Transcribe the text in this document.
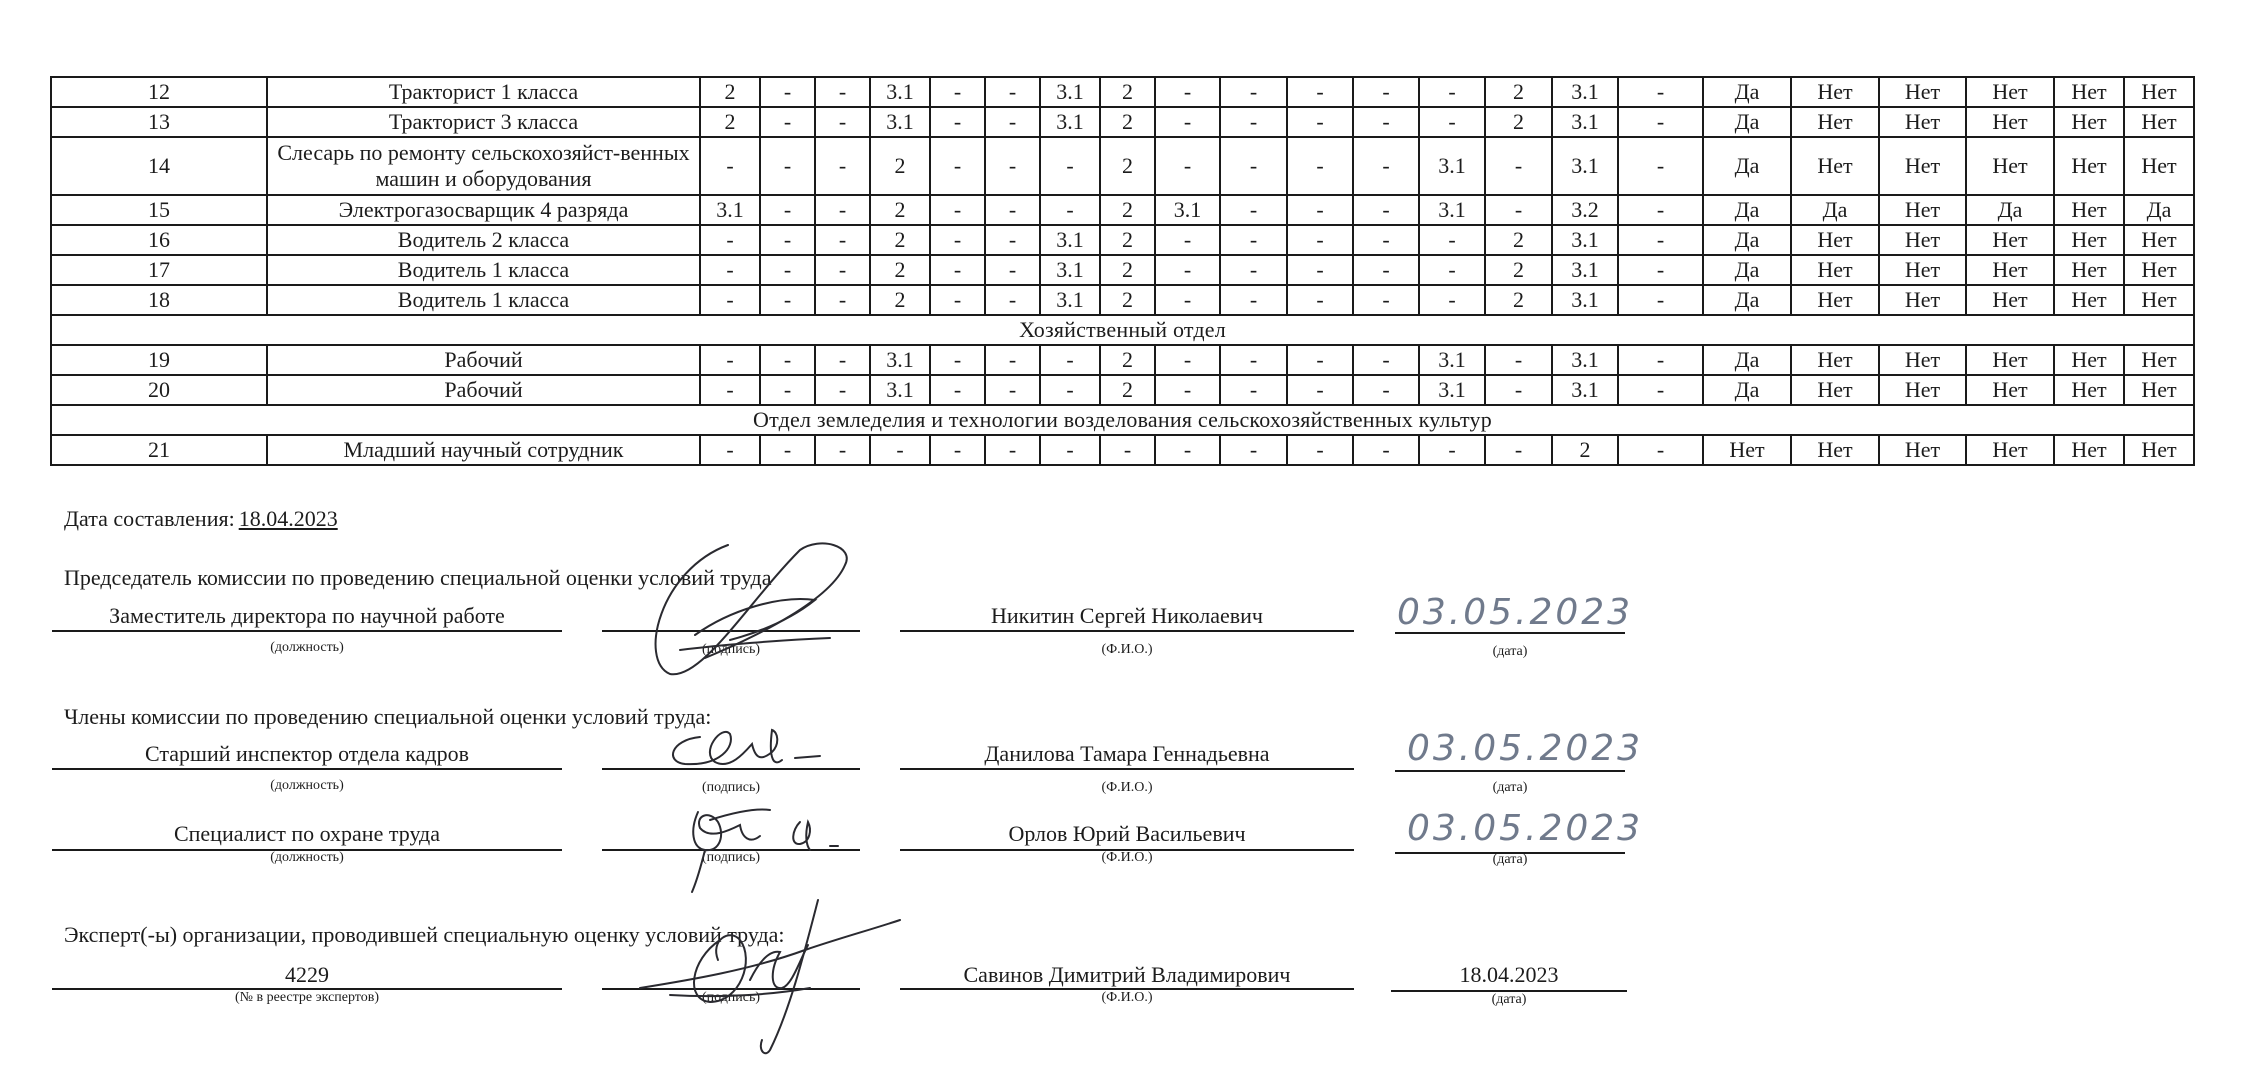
12	Тракторист 1 класса	2	-	-	3.1	-	-	3.1	2	-	-	-	-	-	2	3.1	-	Да	Нет	Нет	Нет	Нет	Нет
13	Тракторист 3 класса	2	-	-	3.1	-	-	3.1	2	-	-	-	-	-	2	3.1	-	Да	Нет	Нет	Нет	Нет	Нет
14	Слесарь по ремонту сельскохозяйст-венных машин и оборудования	-	-	-	2	-	-	-	2	-	-	-	-	3.1	-	3.1	-	Да	Нет	Нет	Нет	Нет	Нет
15	Электрогазосварщик 4 разряда	3.1	-	-	2	-	-	-	2	3.1	-	-	-	3.1	-	3.2	-	Да	Да	Нет	Да	Нет	Да
16	Водитель 2 класса	-	-	-	2	-	-	3.1	2	-	-	-	-	-	2	3.1	-	Да	Нет	Нет	Нет	Нет	Нет
17	Водитель 1 класса	-	-	-	2	-	-	3.1	2	-	-	-	-	-	2	3.1	-	Да	Нет	Нет	Нет	Нет	Нет
18	Водитель 1 класса	-	-	-	2	-	-	3.1	2	-	-	-	-	-	2	3.1	-	Да	Нет	Нет	Нет	Нет	Нет
Хозяйственный отдел																							
19	Рабочий	-	-	-	3.1	-	-	-	2	-	-	-	-	3.1	-	3.1	-	Да	Нет	Нет	Нет	Нет	Нет
20	Рабочий	-	-	-	3.1	-	-	-	2	-	-	-	-	3.1	-	3.1	-	Да	Нет	Нет	Нет	Нет	Нет
Отдел земледелия и технологии возделования сельскохозяйственных культур																							
21	Младший научный сотрудник	-	-	-	-	-	-	-	-	-	-	-	-	-	-	2	-	Нет	Нет	Нет	Нет	Нет	Нет
Дата составления: 18.04.2023
Председатель комиссии по проведению специальной оценки условий труда
Заместитель директора по научной работе
(должность)	(подпись)
Никитин Сергей Николаевич
(Ф.И.О.)
03.05.2023
(дата)
Члены комиссии по проведению специальной оценки условий труда:
Старший инспектор отдела кадров
(должность)	(подпись)
Данилова Тамара Геннадьевна
(Ф.И.О.)
03.05.2023
(дата)
Специалист по охране труда
(должность)	(подпись)
Орлов Юрий Васильевич
(Ф.И.О.)
03.05.2023
(дата)
Эксперт(-ы) организации, проводившей специальную оценку условий труда:
4229
(№ в реестре экспертов)	(подпись)
Савинов Димитрий Владимирович
(Ф.И.О.)
18.04.2023
(дата)
